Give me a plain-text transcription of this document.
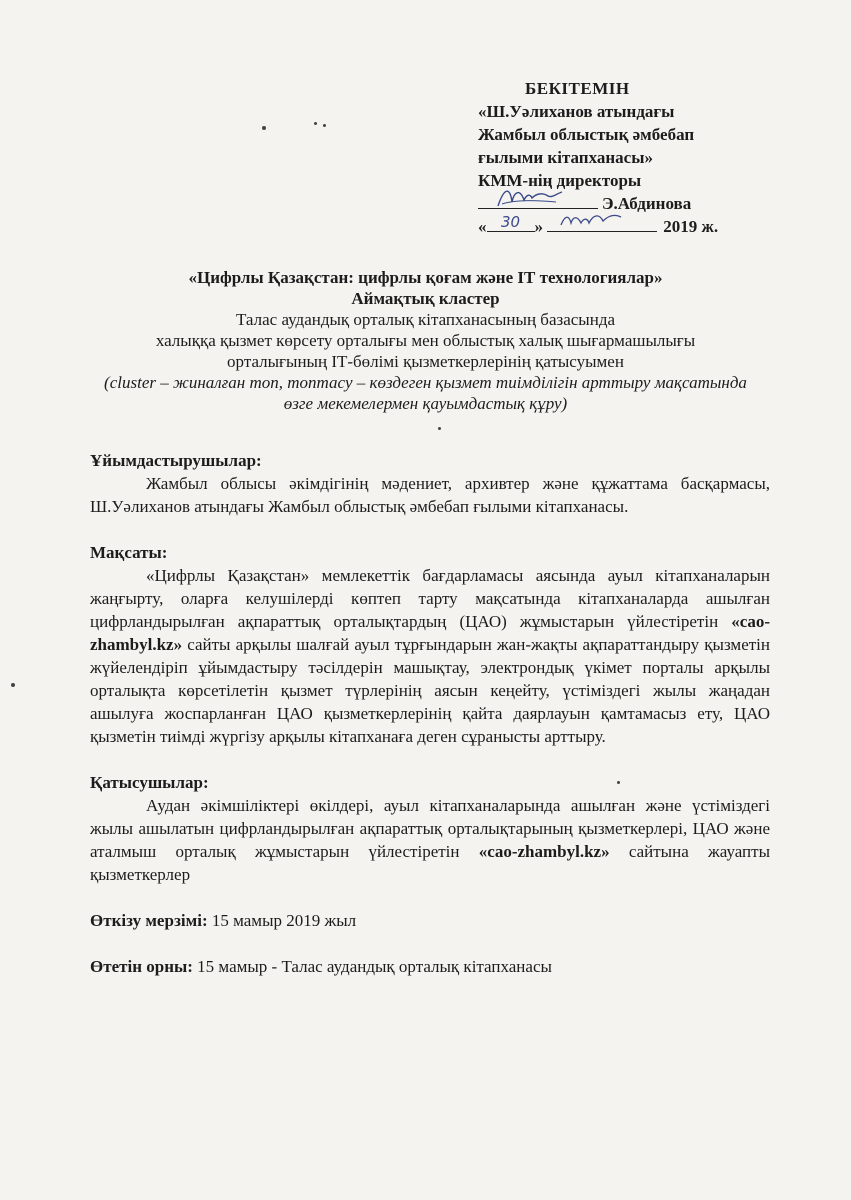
БЕКІТЕМІН
«Ш.Уәлиханов атындағы
Жамбыл облыстық әмбебап
ғылыми кітапханасы»
КММ-нің директоры
Э.Абдинова
« 30 »	2019 ж.
«Цифрлы Қазақстан: цифрлы қоғам және ІТ технологиялар»
Аймақтық кластер
Талас аудандық орталық кітапханасының базасында
халыққа қызмет көрсету орталығы мен облыстық халық шығармашылығы
орталығының ІТ-бөлімі қызметкерлерінің қатысуымен
(cluster – жиналған топ, топтасу – көздеген қызмет тиімділігін арттыру мақсатында өзге мекемелермен қауымдастық құру)
Ұйымдастырушылар:
Жамбыл облысы әкімдігінің мәдениет, архивтер және құжаттама басқармасы, Ш.Уәлиханов атындағы Жамбыл облыстық әмбебап ғылыми кітапханасы.
Мақсаты:
«Цифрлы Қазақстан» мемлекеттік бағдарламасы аясында ауыл кітапханаларын жаңғырту, оларға келушілерді көптеп тарту мақсатында кітапханаларда ашылған цифрландырылған ақпараттық орталықтардың (ЦАО) жұмыстарын үйлестіретін «cao-zhambyl.kz» сайты арқылы шалғай ауыл тұрғындарын жан-жақты ақпараттандыру қызметін жүйелендіріп ұйымдастыру тәсілдерін машықтау, электрондық үкімет порталы арқылы орталықта көрсетілетін қызмет түрлерінің аясын кеңейту, үстіміздегі жылы жаңадан ашылуға жоспарланған ЦАО қызметкерлерінің қайта даярлауын қамтамасыз ету, ЦАО қызметін тиімді жүргізу арқылы кітапханаға деген сұранысты арттыру.
Қатысушылар:
Аудан әкімшіліктері өкілдері, ауыл кітапханаларында ашылған және үстіміздегі жылы ашылатын цифрландырылған ақпараттық орталықтарының қызметкерлері, ЦАО және аталмыш орталық жұмыстарын үйлестіретін «cao-zhambyl.kz» сайтына жауапты қызметкерлер
Өткізу мерзімі: 15 мамыр 2019 жыл
Өтетін орны: 15 мамыр - Талас аудандық орталық кітапханасы
